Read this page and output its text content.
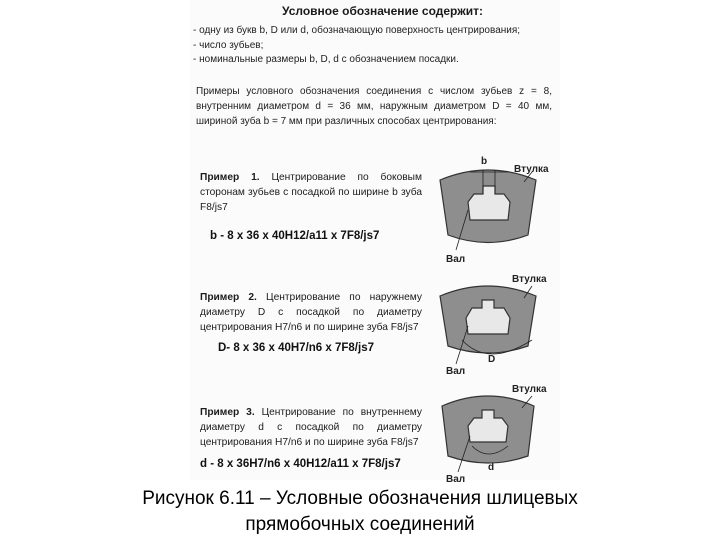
Условное обозначение содержит:
- одну из букв b, D или d, обозначающую поверхность центрирования;
- число зубьев;
- номинальные размеры b, D, d с обозначением посадки.
Примеры условного обозначения соединения с числом зубьев z = 8, внутренним диаметром d = 36 мм, наружным диаметром D = 40 мм, шириной зуба b = 7 мм при различных способах центрирования:
Пример 1. Центрирование по боковым сторонам зубьев с посадкой по ширине b зуба F8/js7
b - 8 x 36 x 40H12/a11 x 7F8/js7
Пример 2. Центрирование по наружнему диаметру D с посадкой по диаметру центрирования H7/n6 и по ширине зуба F8/js7
D- 8 x 36 x 40H7/n6 x 7F8/js7
Пример 3. Центрирование по внутреннему диаметру d с посадкой по диаметру центрирования H7/n6 и по ширине зуба F8/js7
d - 8 x 36H7/n6 x 40H12/a11 x 7F8/js7
b
Втулка
Вал
D
Втулка
Вал
d
Втулка
Вал
Рисунок 6.11 – Условные обозначения шлицевых
прямобочных соединений
